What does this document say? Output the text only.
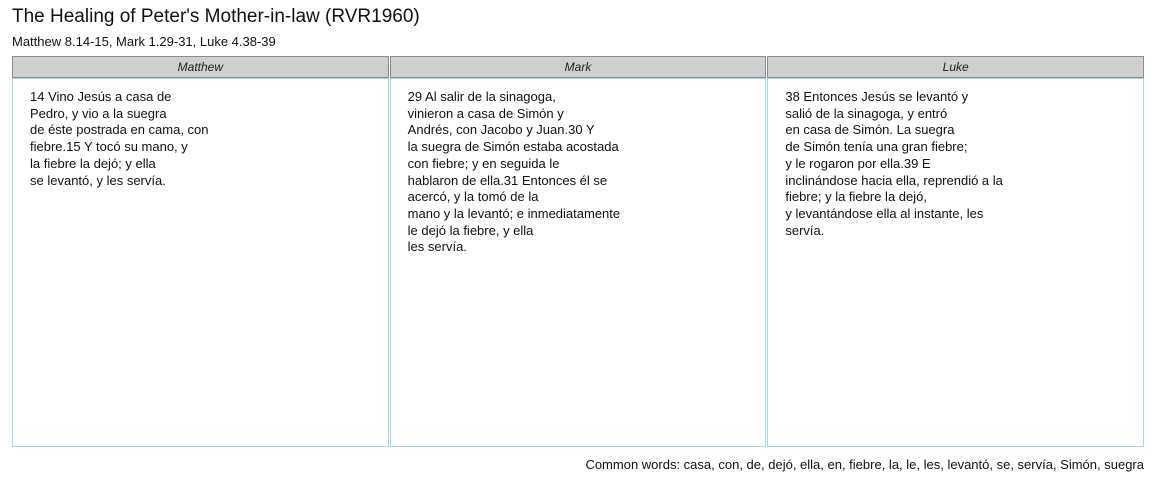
The Healing of Peter's Mother-in-law (RVR1960)
Matthew 8.14-15, Mark 1.29-31, Luke 4.38-39
Matthew
14 Vino Jesús a casa de
Pedro, y vio a la suegra
de éste postrada en cama, con
fiebre.15 Y tocó su mano, y
la fiebre la dejó; y ella
se levantó, y les servía.
Mark
29 Al salir de la sinagoga,
vinieron a casa de Simón y
Andrés, con Jacobo y Juan.30 Y
la suegra de Simón estaba acostada
con fiebre; y en seguida le
hablaron de ella.31 Entonces él se
acercó, y la tomó de la
mano y la levantó; e inmediatamente
le dejó la fiebre, y ella
les servía.
Luke
38 Entonces Jesús se levantó y
salió de la sinagoga, y entró
en casa de Simón. La suegra
de Simón tenía una gran fiebre;
y le rogaron por ella.39 E
inclinándose hacia ella, reprendió a la
fiebre; y la fiebre la dejó,
y levantándose ella al instante, les
servía.
Common words: casa, con, de, dejó, ella, en, fiebre, la, le, les, levantó, se, servía, Simón, suegra
